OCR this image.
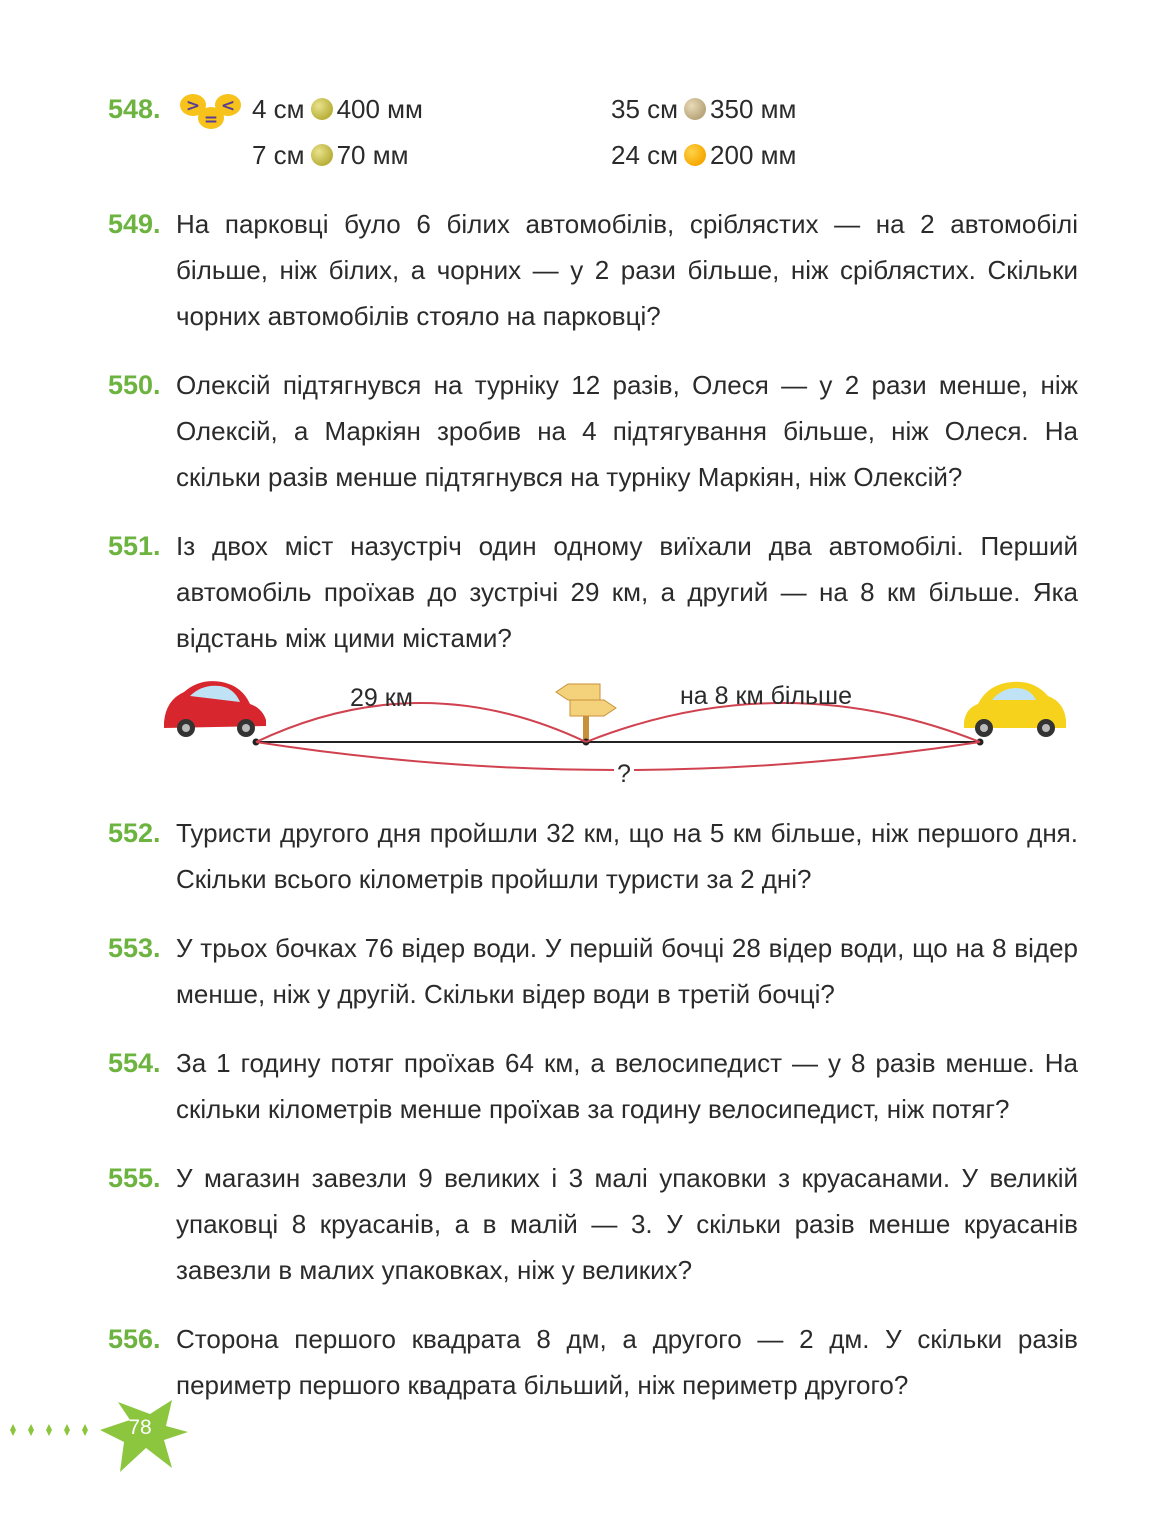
548. > <
= 4 см 400 мм	35 см 350 мм
7 см 70 мм	24 см 200 мм
549. На парковці було 6 білих автомобілів, сріблястих — на 2 автомобілі більше, ніж білих, а чорних — у 2 рази більше, ніж сріблястих. Скільки чорних автомобілів стояло на парковці?

550. Олексій підтягнувся на турніку 12 разів, Олеся — у 2 рази менше, ніж Олексій, а Маркіян зробив на 4 підтягування більше, ніж Олеся. На скільки разів менше підтягнувся на турніку Маркіян, ніж Олексій?

551. Із двох міст назустріч один одному виїхали два автомобілі. Перший автомобіль проїхав до зустрічі 29 км, а другий — на 8 км більше. Яка відстань між цими містами?

29 км	на 8 км більше
?
552. Туристи другого дня пройшли 32 км, що на 5 км більше, ніж першого дня. Скільки всього кілометрів пройшли туристи за 2 дні?

553. У трьох бочках 76 відер води. У першій бочці 28 відер води, що на 8 відер менше, ніж у другій. Скільки відер води в третій бочці?

554. За 1 годину потяг проїхав 64 км, а велосипедист — у 8 разів менше. На скільки кілометрів менше проїхав за годину велосипедист, ніж потяг?

555. У магазин завезли 9 великих і 3 малі упаковки з круасанами. У великій упаковці 8 круасанів, а в малій — 3. У скільки разів менше круасанів завезли в малих упаковках, ніж у великих?

556. Сторона першого квадрата 8 дм, а другого — 2 дм. У скільки разів периметр першого квадрата більший, ніж периметр другого?

78
